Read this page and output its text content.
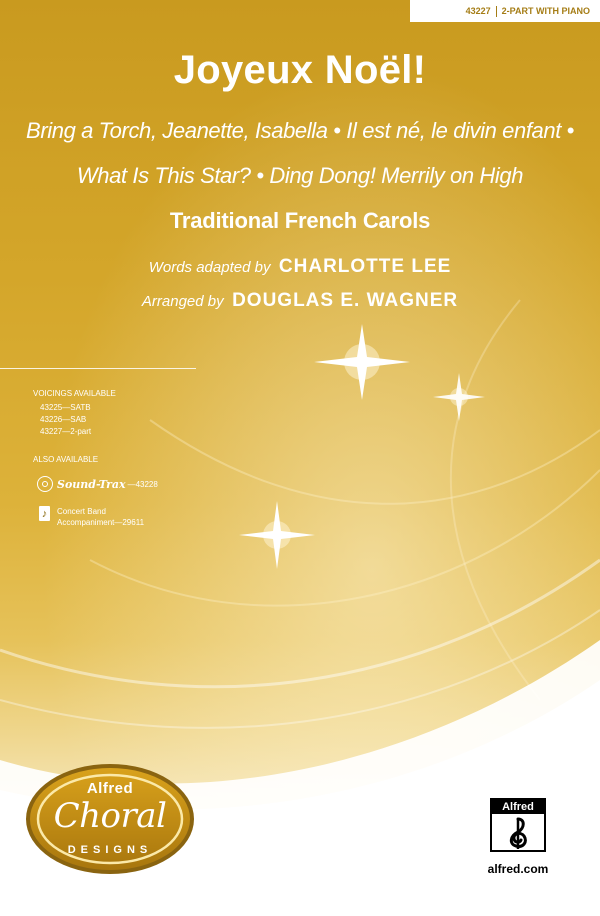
43227 2-PART WITH PIANO
Joyeux Noël!
Bring a Torch, Jeanette, Isabella • Il est né, le divin enfant •
What Is This Star? • Ding Dong! Merrily on High
Traditional French Carols
Words adapted by CHARLOTTE LEE
Arranged by DOUGLAS E. WAGNER
VOICINGS AVAILABLE
43225—SATB
43226—SAB
43227—2-part
ALSO AVAILABLE
Sound-Trax —43228
♪	Concert Band
Accompaniment—29611
Alfred
Choral
DESIGNS
Alfred
alfred.com
